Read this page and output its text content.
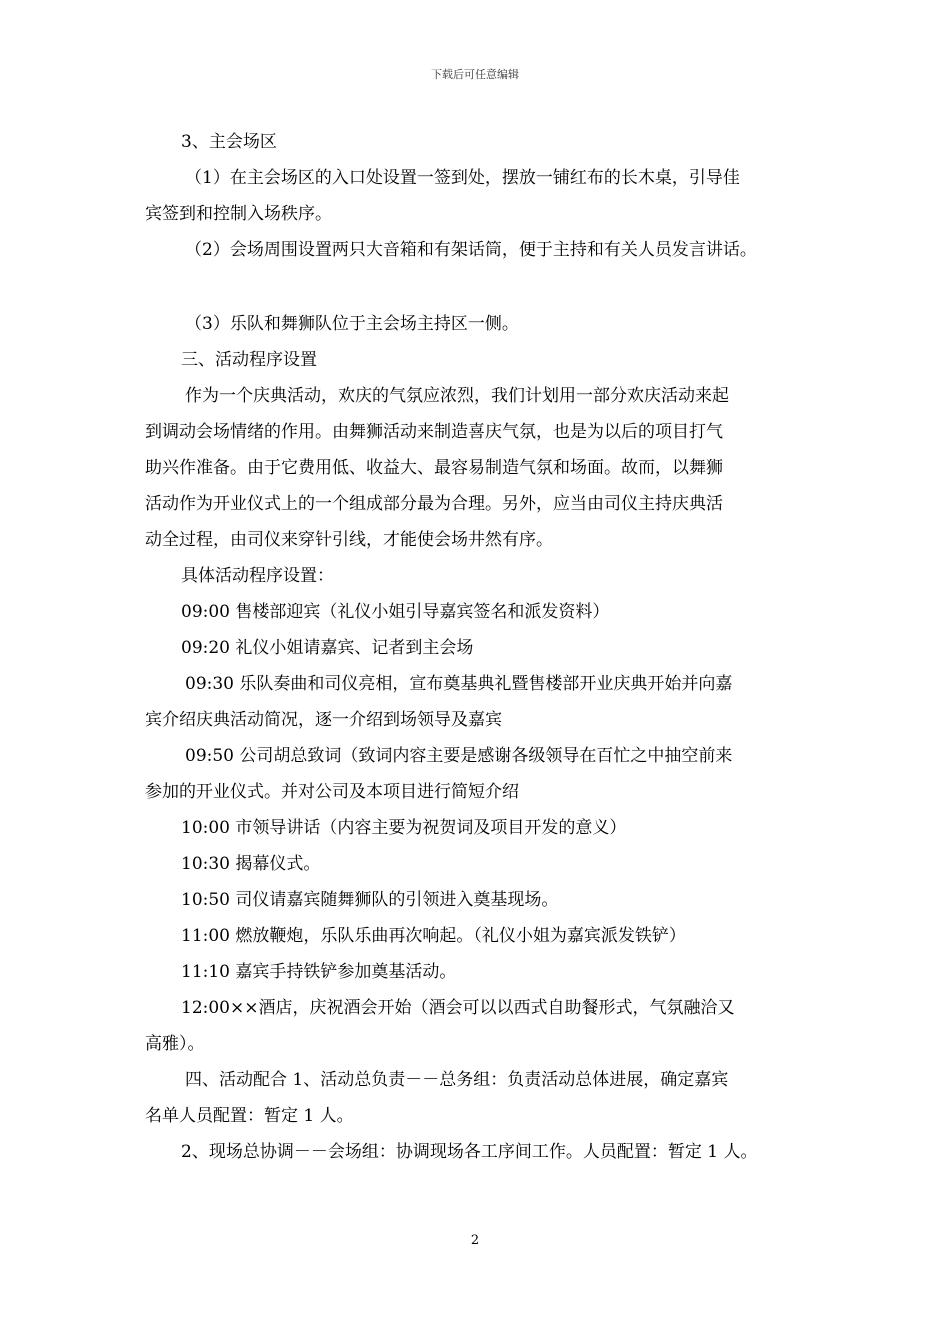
下载后可任意编辑
3、主会场区
（1）在主会场区的入口处设置一签到处，摆放一铺红布的长木桌，引导佳
宾签到和控制入场秩序。
（2）会场周围设置两只大音箱和有架话筒，便于主持和有关人员发言讲话。
（3）乐队和舞狮队位于主会场主持区一侧。
三、活动程序设置
作为一个庆典活动，欢庆的气氛应浓烈，我们计划用一部分欢庆活动来起
到调动会场情绪的作用。由舞狮活动来制造喜庆气氛，也是为以后的项目打气
助兴作准备。由于它费用低、收益大、最容易制造气氛和场面。故而，以舞狮
活动作为开业仪式上的一个组成部分最为合理。另外，应当由司仪主持庆典活
动全过程，由司仪来穿针引线，才能使会场井然有序。
具体活动程序设置：
09:00 售楼部迎宾（礼仪小姐引导嘉宾签名和派发资料）
09:20 礼仪小姐请嘉宾、记者到主会场
09:30 乐队奏曲和司仪亮相，宣布奠基典礼暨售楼部开业庆典开始并向嘉
宾介绍庆典活动简况，逐一介绍到场领导及嘉宾
09:50 公司胡总致词（致词内容主要是感谢各级领导在百忙之中抽空前来
参加的开业仪式。并对公司及本项目进行简短介绍
10:00 市领导讲话（内容主要为祝贺词及项目开发的意义）
10:30 揭幕仪式。
10:50 司仪请嘉宾随舞狮队的引领进入奠基现场。
11:00 燃放鞭炮，乐队乐曲再次响起。（礼仪小姐为嘉宾派发铁铲）
11:10 嘉宾手持铁铲参加奠基活动。
12:00××酒店，庆祝酒会开始（酒会可以以西式自助餐形式，气氛融洽又
高雅）。
四、活动配合 1、活动总负责－－总务组：负责活动总体进展，确定嘉宾
名单人员配置：暂定 1 人。
2、现场总协调－－会场组：协调现场各工序间工作。人员配置：暂定 1 人。
2
